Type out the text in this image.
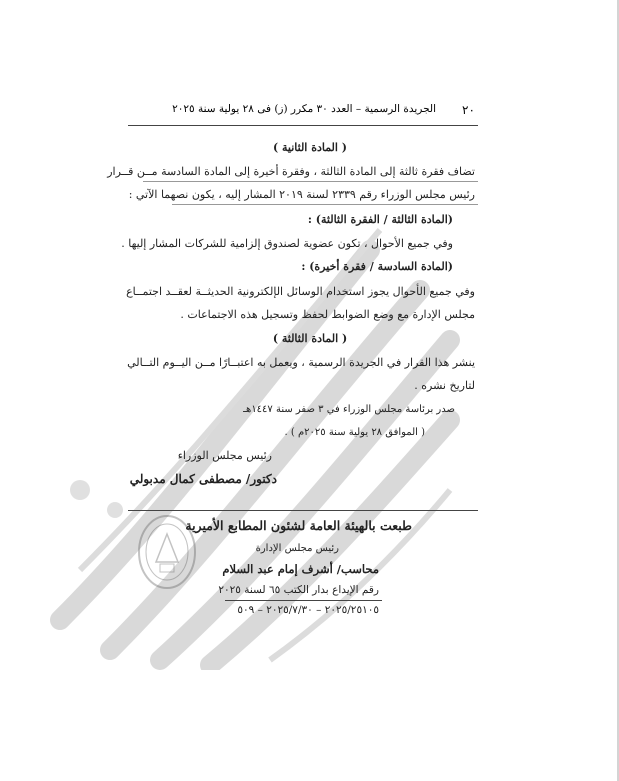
٢٠
الجريدة الرسمية – العدد ٣٠ مكرر (ز) فى ٢٨ يولية سنة ٢٠٢٥
( المادة الثانية )
تضاف فقرة ثالثة إلى المادة الثالثة ، وفقرة أخيرة إلى المادة السادسة مــن قــرار
رئيس مجلس الوزراء رقم ٢٣٣٩ لسنة ٢٠١٩ المشار إليه ، يكون نصهما الآتي :
(المادة الثالثة / الفقرة الثالثة) :
وفي جميع الأحوال ، تكون عضوية لصندوق إلزامية للشركات المشار إليها .
(المادة السادسة / فقرة أخيرة) :
وفي جميع الأحوال يجوز استخدام الوسائل الإلكترونية الحديثــة لعقــد اجتمــاع
مجلس الإدارة مع وضع الضوابط لحفظ وتسجيل هذه الاجتماعات .
( المادة الثالثة )
ينشر هذا القرار في الجريدة الرسمية ، ويعمل به اعتبــارًا مــن اليــوم التــالي
لتاريخ نشره .
صدر برئاسة مجلس الوزراء في ٣ صفر سنة ١٤٤٧هـ
( الموافق ٢٨ يولية سنة ٢٠٢٥م ) .
رئيس مجلس الوزراء
دكتور/ مصطفى كمال مدبولي
طبعت بالهيئة العامة لشئون المطابع الأميرية
رئيس مجلس الإدارة
محاسب/ أشرف إمام عبد السلام
رقم الإيداع بدار الكتب ٦٥ لسنة ٢٠٢٥
٢٠٢٥/٢٥١٠٥ – ٢٠٢٥/٧/٣٠ – ٥٠٩
